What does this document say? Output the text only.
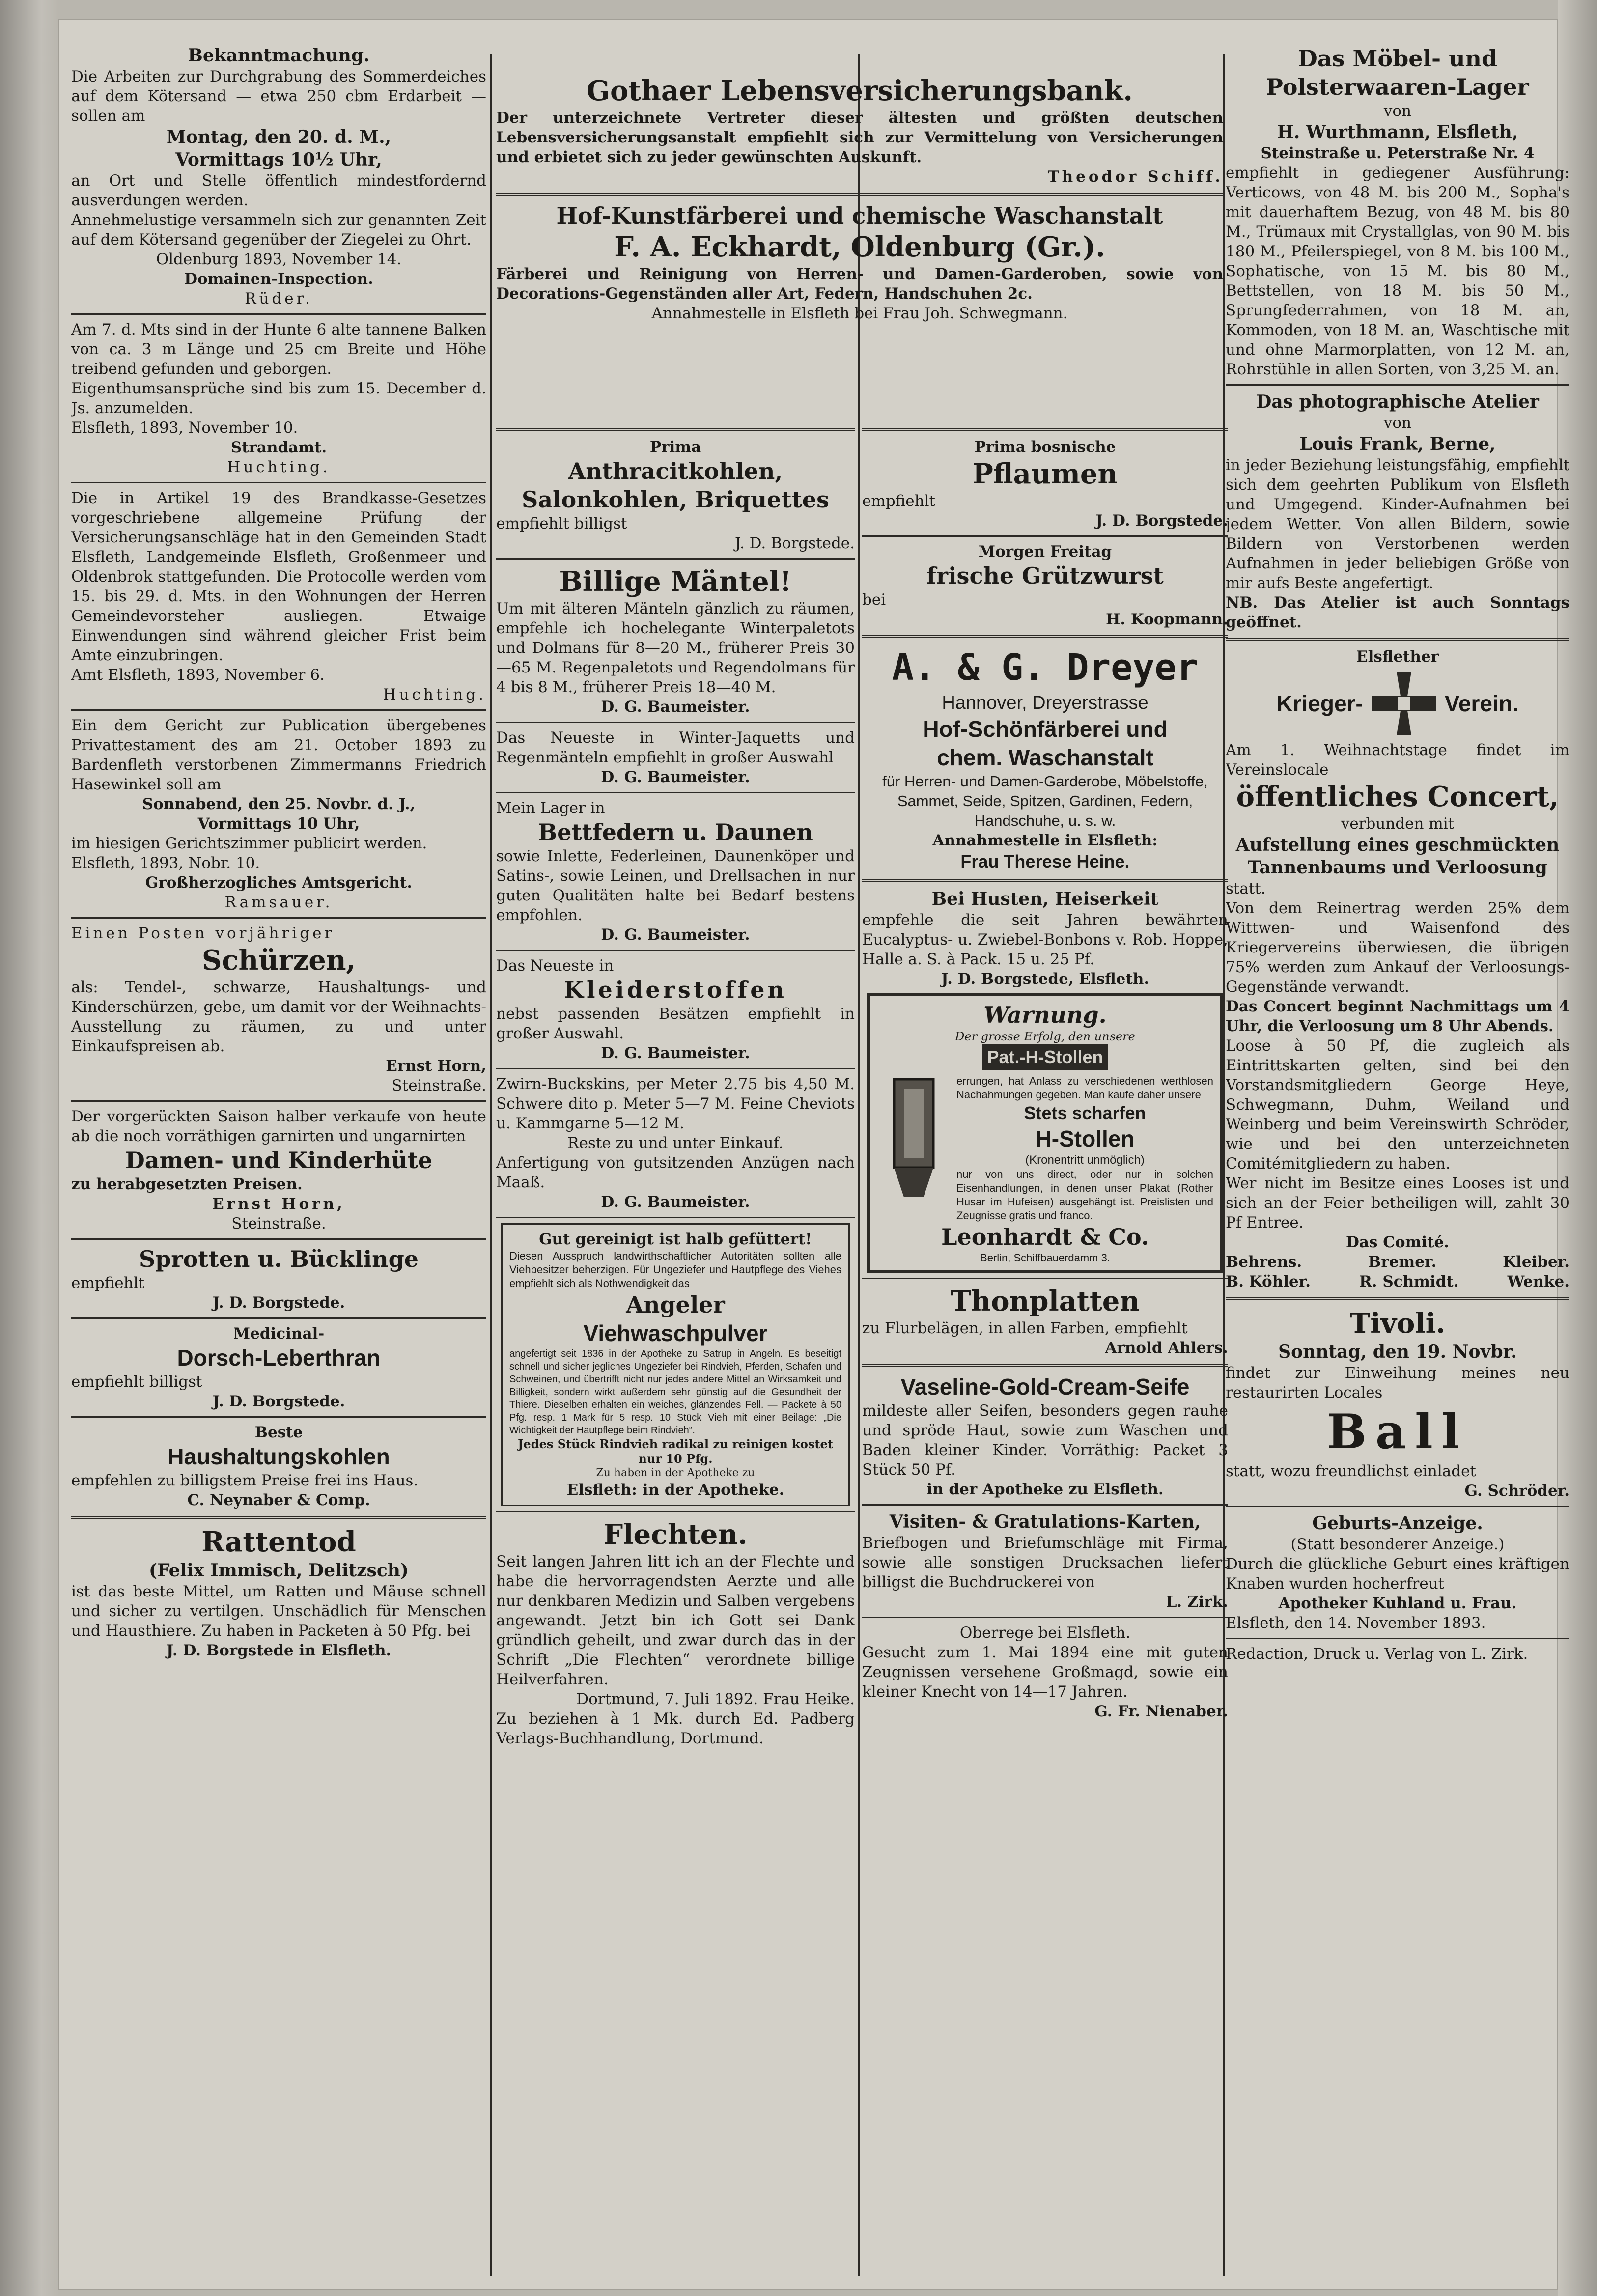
Bekanntmachung.
Die Arbeiten zur Durchgrabung des Sommerdeiches auf dem Kötersand — etwa 250 cbm Erdarbeit — sollen am
Montag, den 20. d. M.,
Vormittags 10½ Uhr,
an Ort und Stelle öffentlich mindestfordernd ausverdungen werden.
Annehmelustige versammeln sich zur genannten Zeit auf dem Kötersand gegenüber der Ziegelei zu Ohrt.
Oldenburg 1893, November 14.
Domainen-Inspection.
Rüder.
Am 7. d. Mts sind in der Hunte 6 alte tannene Balken von ca. 3 m Länge und 25 cm Breite und Höhe treibend gefunden und geborgen.
Eigenthumsansprüche sind bis zum 15. December d. Js. anzumelden.
Elsfleth, 1893, November 10.
Strandamt.
Huchting.
Die in Artikel 19 des Brandkasse-Gesetzes vorgeschriebene allgemeine Prüfung der Versicherungsanschläge hat in den Gemeinden Stadt Elsfleth, Landgemeinde Elsfleth, Großenmeer und Oldenbrok stattgefunden. Die Protocolle werden vom 15. bis 29. d. Mts. in den Wohnungen der Herren Gemeindevorsteher ausliegen. Etwaige Einwendungen sind während gleicher Frist beim Amte einzubringen.
Amt Elsfleth, 1893, November 6.
Huchting.
Ein dem Gericht zur Publication übergebenes Privattestament des am 21. October 1893 zu Bardenfleth verstorbenen Zimmermanns Friedrich Hasewinkel soll am
Sonnabend, den 25. Novbr. d. J.,
Vormittags 10 Uhr,
im hiesigen Gerichtszimmer publicirt werden.
Elsfleth, 1893, Nobr. 10.
Großherzogliches Amtsgericht.
Ramsauer.
Einen Posten vorjähriger
Schürzen,
als: Tendel-, schwarze, Haushaltungs- und Kinderschürzen, gebe, um damit vor der Weihnachts-Ausstellung zu räumen, zu und unter Einkaufspreisen ab.
Ernst Horn,
Steinstraße.
Der vorgerückten Saison halber verkaufe von heute ab die noch vorräthigen garnirten und ungarnirten
Damen- und Kinderhüte
zu herabgesetzten Preisen.
Ernst Horn,
Steinstraße.
Sprotten u. Bücklinge
empfiehlt
J. D. Borgstede.
Medicinal-
Dorsch-Leberthran
empfiehlt billigst
J. D. Borgstede.
Beste
Haushaltungskohlen
empfehlen zu billigstem Preise frei ins Haus.
C. Neynaber & Comp.
Rattentod
(Felix Immisch, Delitzsch)
ist das beste Mittel, um Ratten und Mäuse schnell und sicher zu vertilgen. Unschädlich für Menschen und Hausthiere. Zu haben in Packeten à 50 Pfg. bei
J. D. Borgstede in Elsfleth.
Gothaer Lebensversicherungsbank.
Der unterzeichnete Vertreter dieser ältesten und größten deutschen Lebensversicherungsanstalt empfiehlt sich zur Vermittelung von Versicherungen und erbietet sich zu jeder gewünschten Auskunft.
Theodor Schiff.
Hof-Kunstfärberei und chemische Waschanstalt
F. A. Eckhardt, Oldenburg (Gr.).
Färberei und Reinigung von Herren- und Damen-Garderoben, sowie von Decorations-Gegenständen aller Art, Federn, Handschuhen 2c.
Annahmestelle in Elsfleth bei Frau Joh. Schwegmann.
Prima
Anthracitkohlen, Salonkohlen, Briquettes
empfiehlt billigst
J. D. Borgstede.
Billige Mäntel!
Um mit älteren Mänteln gänzlich zu räumen, empfehle ich hochelegante Winterpaletots und Dolmans für 8—20 M., früherer Preis 30—65 M. Regenpaletots und Regendolmans für 4 bis 8 M., früherer Preis 18—40 M.
D. G. Baumeister.
Das Neueste in Winter-Jaquetts und Regenmänteln empfiehlt in großer Auswahl
D. G. Baumeister.
Mein Lager in
Bettfedern u. Daunen
sowie Inlette, Federleinen, Daunenköper und Satins-, sowie Leinen, und Drellsachen in nur guten Qualitäten halte bei Bedarf bestens empfohlen.
D. G. Baumeister.
Das Neueste in
Kleiderstoffen
nebst passenden Besätzen empfiehlt in großer Auswahl.
D. G. Baumeister.
Zwirn-Buckskins, per Meter 2.75 bis 4,50 M. Schwere dito p. Meter 5—7 M. Feine Cheviots u. Kammgarne 5—12 M.
Reste zu und unter Einkauf.
Anfertigung von gutsitzenden Anzügen nach Maaß.
D. G. Baumeister.
Gut gereinigt ist halb gefüttert!
Diesen Ausspruch landwirthschaftlicher Autoritäten sollten alle Viehbesitzer beherzigen. Für Ungeziefer und Hautpflege des Viehes empfiehlt sich als Nothwendigkeit das
Angeler
Viehwaschpulver
angefertigt seit 1836 in der Apotheke zu Satrup in Angeln. Es beseitigt schnell und sicher jegliches Ungeziefer bei Rindvieh, Pferden, Schafen und Schweinen, und übertrifft nicht nur jedes andere Mittel an Wirksamkeit und Billigkeit, sondern wirkt außerdem sehr günstig auf die Gesundheit der Thiere. Dieselben erhalten ein weiches, glänzendes Fell. — Packete à 50 Pfg. resp. 1 Mark für 5 resp. 10 Stück Vieh mit einer Beilage: „Die Wichtigkeit der Hautpflege beim Rindvieh“.
Jedes Stück Rindvieh radikal zu reinigen kostet nur 10 Pfg.
Zu haben in der Apotheke zu
Elsfleth: in der Apotheke.
Flechten.
Seit langen Jahren litt ich an der Flechte und habe die hervorragendsten Aerzte und alle nur denkbaren Medizin und Salben vergebens angewandt. Jetzt bin ich Gott sei Dank gründlich geheilt, und zwar durch das in der Schrift „Die Flechten“ verordnete billige Heilverfahren.
Dortmund, 7. Juli 1892. Frau Heike.
Zu beziehen à 1 Mk. durch Ed. Padberg Verlags-Buchhandlung, Dortmund.
Prima bosnische
Pflaumen
empfiehlt
J. D. Borgstede.
Morgen Freitag
frische Grützwurst
bei
H. Koopmann.
A. & G. Dreyer
Hannover, Dreyerstrasse
Hof-Schönfärberei und
chem. Waschanstalt
für Herren- und Damen-Garderobe, Möbelstoffe, Sammet, Seide, Spitzen, Gardinen, Federn, Handschuhe, u. s. w.
Annahmestelle in Elsfleth:
Frau Therese Heine.
Bei Husten, Heiserkeit
empfehle die seit Jahren bewährten Eucalyptus- u. Zwiebel-Bonbons v. Rob. Hoppe, Halle a. S. à Pack. 15 u. 25 Pf.
J. D. Borgstede, Elsfleth.
Warnung.
Der grosse Erfolg, den unsere
Pat.-H-Stollen
errungen, hat Anlass zu verschiedenen werthlosen Nachahmungen gegeben. Man kaufe daher unsere
Stets scharfen
H-Stollen
(Kronentritt unmöglich)
nur von uns direct, oder nur in solchen Eisenhandlungen, in denen unser Plakat (Rother Husar im Hufeisen) ausgehängt ist. Preislisten und Zeugnisse gratis und franco.
Leonhardt & Co.
Berlin, Schiffbauerdamm 3.
Thonplatten
zu Flurbelägen, in allen Farben, empfiehlt
Arnold Ahlers.
Vaseline-Gold-Cream-Seife
mildeste aller Seifen, besonders gegen rauhe und spröde Haut, sowie zum Waschen und Baden kleiner Kinder. Vorräthig: Packet 3 Stück 50 Pf.
in der Apotheke zu Elsfleth.
Visiten- & Gratulations-Karten,
Briefbogen und Briefumschläge mit Firma, sowie alle sonstigen Drucksachen liefert billigst die Buchdruckerei von
L. Zirk.
Oberrege bei Elsfleth.
Gesucht zum 1. Mai 1894 eine mit guten Zeugnissen versehene Großmagd, sowie ein kleiner Knecht von 14—17 Jahren.
G. Fr. Nienaber.
Das Möbel- und
Polsterwaaren-Lager
von
H. Wurthmann, Elsfleth,
Steinstraße u. Peterstraße Nr. 4
empfiehlt in gediegener Ausführung: Verticows, von 48 M. bis 200 M., Sopha's mit dauerhaftem Bezug, von 48 M. bis 80 M., Trümaux mit Crystallglas, von 90 M. bis 180 M., Pfeilerspiegel, von 8 M. bis 100 M., Sophatische, von 15 M. bis 80 M., Bettstellen, von 18 M. bis 50 M., Sprungfederrahmen, von 18 M. an, Kommoden, von 18 M. an, Waschtische mit und ohne Marmorplatten, von 12 M. an, Rohrstühle in allen Sorten, von 3,25 M. an.
Das photographische Atelier
von
Louis Frank, Berne,
in jeder Beziehung leistungsfähig, empfiehlt sich dem geehrten Publikum von Elsfleth und Umgegend. Kinder-Aufnahmen bei jedem Wetter. Von allen Bildern, sowie Bildern von Verstorbenen werden Aufnahmen in jeder beliebigen Größe von mir aufs Beste angefertigt.
NB. Das Atelier ist auch Sonntags geöffnet.
Elsflether
Krieger-	Verein.
Am 1. Weihnachtstage findet im Vereinslocale
öffentliches Concert,
verbunden mit
Aufstellung eines geschmückten Tannenbaums und Verloosung
statt.
Von dem Reinertrag werden 25% dem Wittwen- und Waisenfond des Kriegervereins überwiesen, die übrigen 75% werden zum Ankauf der Verloosungs-Gegenstände verwandt.
Das Concert beginnt Nachmittags um 4 Uhr, die Verloosung um 8 Uhr Abends.
Loose à 50 Pf, die zugleich als Eintrittskarten gelten, sind bei den Vorstandsmitgliedern George Heye, Schwegmann, Duhm, Weiland und Weinberg und beim Vereinswirth Schröder, wie und bei den unterzeichneten Comitémitgliedern zu haben.
Wer nicht im Besitze eines Looses ist und sich an der Feier betheiligen will, zahlt 30 Pf Entree.
Das Comité.
Behrens.	Bremer.	Kleiber.
B. Köhler.	R. Schmidt.	Wenke.
Tivoli.
Sonntag, den 19. Novbr.
findet zur Einweihung meines neu restaurirten Locales
Ball
statt, wozu freundlichst einladet
G. Schröder.
Geburts-Anzeige.
(Statt besonderer Anzeige.)
Durch die glückliche Geburt eines kräftigen Knaben wurden hocherfreut
Apotheker Kuhland u. Frau.
Elsfleth, den 14. November 1893.
Redaction, Druck u. Verlag von L. Zirk.
